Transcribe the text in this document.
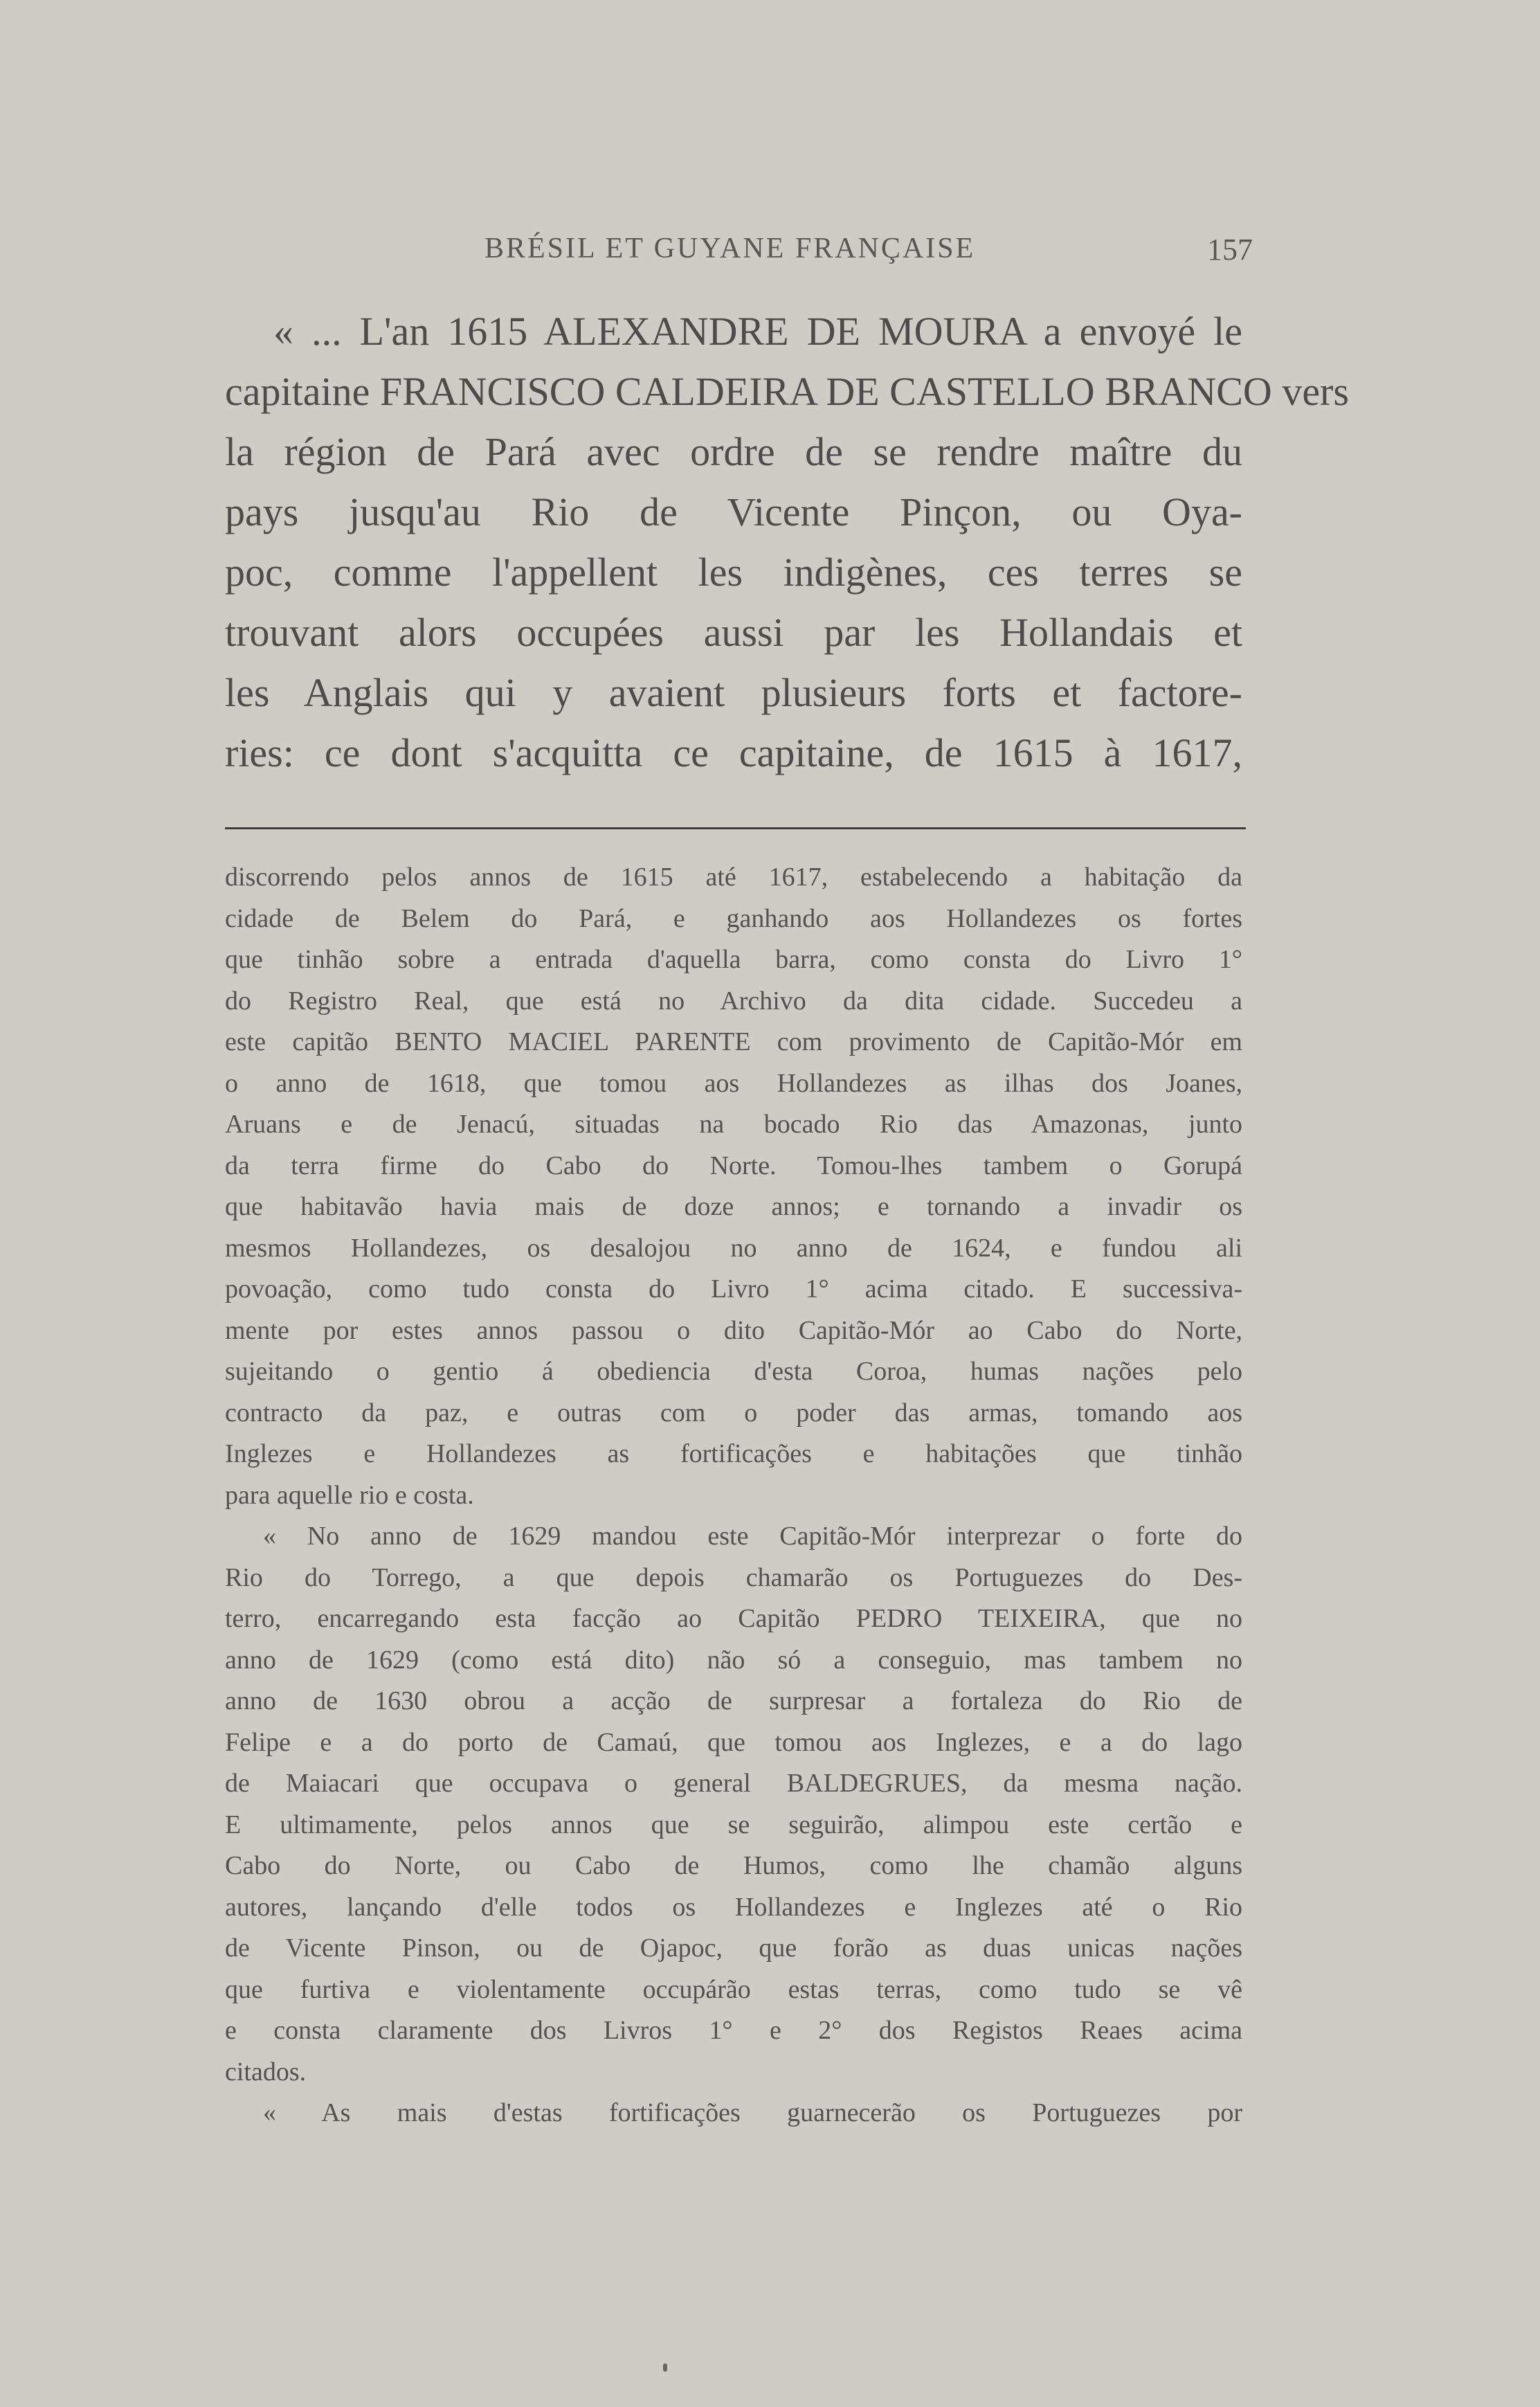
BRÉSIL ET GUYANE FRANÇAISE	157
« ... L'an 1615 ALEXANDRE DE MOURA a envoyé le
capitaine FRANCISCO CALDEIRA DE CASTELLO BRANCO vers
la région de Pará avec ordre de se rendre maître du
pays jusqu'au Rio de Vicente Pinçon, ou Oya-
poc, comme l'appellent les indigènes, ces terres se
trouvant alors occupées aussi par les Hollandais et
les Anglais qui y avaient plusieurs forts et factore-
ries: ce dont s'acquitta ce capitaine, de 1615 à 1617,
discorrendo pelos annos de 1615 até 1617, estabelecendo a habitação da
cidade de Belem do Pará, e ganhando aos Hollandezes os fortes
que tinhão sobre a entrada d'aquella barra, como consta do Livro 1°
do Registro Real, que está no Archivo da dita cidade. Succedeu a
este capitão BENTO MACIEL PARENTE com provimento de Capitão-Mór em
o anno de 1618, que tomou aos Hollandezes as ilhas dos Joanes,
Aruans e de Jenacú, situadas na bocado Rio das Amazonas, junto
da terra firme do Cabo do Norte. Tomou-lhes tambem o Gorupá
que habitavão havia mais de doze annos; e tornando a invadir os
mesmos Hollandezes, os desalojou no anno de 1624, e fundou ali
povoação, como tudo consta do Livro 1° acima citado. E successiva-
mente por estes annos passou o dito Capitão-Mór ao Cabo do Norte,
sujeitando o gentio á obediencia d'esta Coroa, humas nações pelo
contracto da paz, e outras com o poder das armas, tomando aos
Inglezes e Hollandezes as fortificações e habitações que tinhão
para aquelle rio e costa.
« No anno de 1629 mandou este Capitão-Mór interprezar o forte do
Rio do Torrego, a que depois chamarão os Portuguezes do Des-
terro, encarregando esta facção ao Capitão PEDRO TEIXEIRA, que no
anno de 1629 (como está dito) não só a conseguio, mas tambem no
anno de 1630 obrou a acção de surpresar a fortaleza do Rio de
Felipe e a do porto de Camaú, que tomou aos Inglezes, e a do lago
de Maiacari que occupava o general BALDEGRUES, da mesma nação.
E ultimamente, pelos annos que se seguirão, alimpou este certão e
Cabo do Norte, ou Cabo de Humos, como lhe chamão alguns
autores, lançando d'elle todos os Hollandezes e Inglezes até o Rio
de Vicente Pinson, ou de Ojapoc, que forão as duas unicas nações
que furtiva e violentamente occupárão estas terras, como tudo se vê
e consta claramente dos Livros 1° e 2° dos Registos Reaes acima
citados.
« As mais d'estas fortificações guarnecerão os Portuguezes por
